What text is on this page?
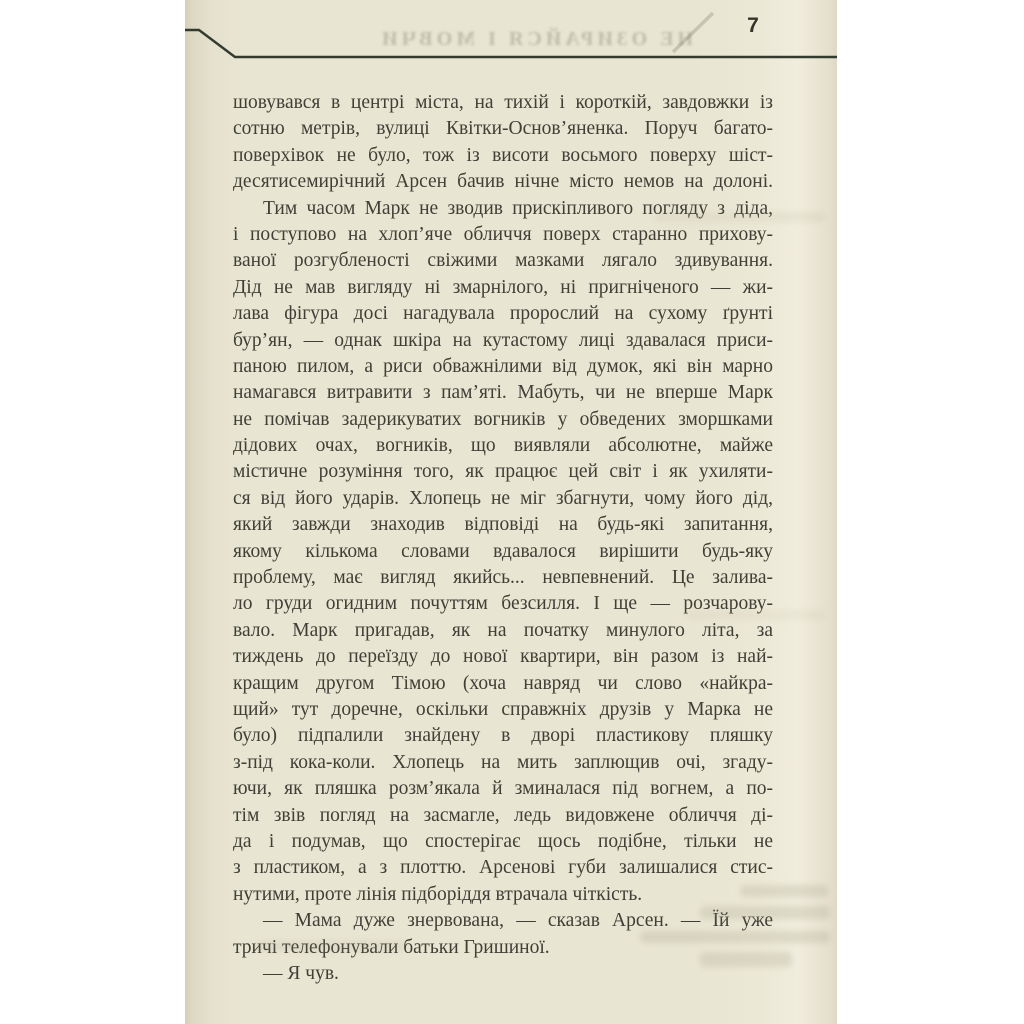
НЕ ОЗИРАЙСЯ І МОВЧИ
7
шовувався в центрі міста, на тихій і короткій, завдовжки із
сотню метрів, вулиці Квітки-Основ’яненка. Поруч багато-
поверхівок не було, тож із висоти восьмого поверху шіст-
десятисемирічний Арсен бачив нічне місто немов на долоні.
Тим часом Марк не зводив прискіпливого погляду з діда,
і поступово на хлоп’яче обличчя поверх старанно прихову-
ваної розгубленості свіжими мазками лягало здивування.
Дід не мав вигляду ні змарнілого, ні пригніченого — жи-
лава фігура досі нагадувала пророслий на сухому ґрунті
бур’ян, — однак шкіра на кутастому лиці здавалася приси-
паною пилом, а риси обважнілими від думок, які він марно
намагався витравити з пам’яті. Мабуть, чи не вперше Марк
не помічав задерикуватих вогників у обведених зморшками
дідових очах, вогників, що виявляли абсолютне, майже
містичне розуміння того, як працює цей світ і як ухиляти-
ся від його ударів. Хлопець не міг збагнути, чому його дід,
який завжди знаходив відповіді на будь-які запитання,
якому кількома словами вдавалося вирішити будь-яку
проблему, має вигляд якийсь... невпевнений. Це залива-
ло груди огидним почуттям безсилля. І ще — розчарову-
вало. Марк пригадав, як на початку минулого літа, за
тиждень до переїзду до нової квартири, він разом із най-
кращим другом Тімою (хоча навряд чи слово «найкра-
щий» тут доречне, оскільки справжніх друзів у Марка не
було) підпалили знайдену в дворі пластикову пляшку
з-під кока-коли. Хлопець на мить заплющив очі, згаду-
ючи, як пляшка розм’якала й зминалася під вогнем, а по-
тім звів погляд на засмагле, ледь видовжене обличчя ді-
да і подумав, що спостерігає щось подібне, тільки не
з пластиком, а з плоттю. Арсенові губи залишалися стис-
нутими, проте лінія підборіддя втрачала чіткість.
— Мама дуже знервована, — сказав Арсен. — Їй уже
тричі телефонували батьки Гришиної.
— Я чув.
